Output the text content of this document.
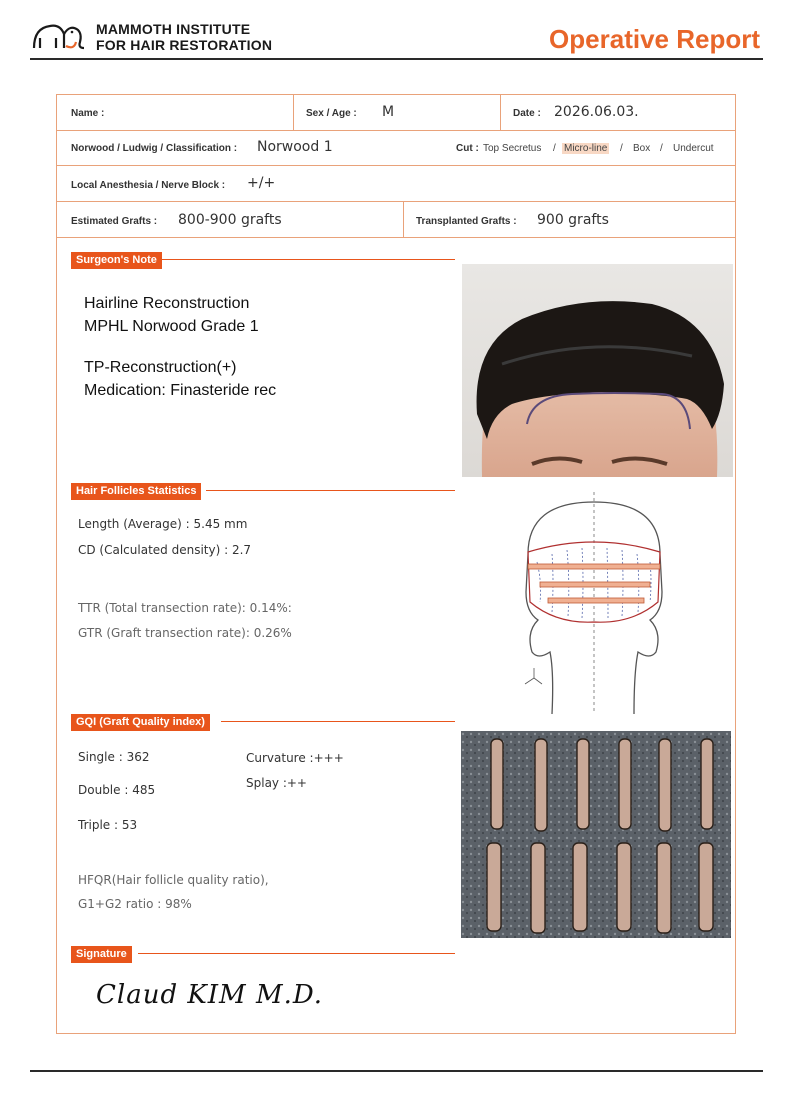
MAMMOTH INSTITUTE
FOR HAIR RESTORATION	Operative Report
Name :	Sex / Age : M	Date : 2026.06.03.
Norwood / Ludwig / Classification : Norwood 1	Cut : Top Secretus / Micro-line / Box / Undercut
Local Anesthesia / Nerve Block : +/+
Estimated Grafts : 800-900 grafts	Transplanted Grafts : 900 grafts
Surgeon's Note
Hairline Reconstruction
MPHL Norwood Grade 1
TP-Reconstruction(+)
Medication: Finasteride rec
Hair Follicles Statistics
Length (Average) : 5.45 mm
CD (Calculated density) : 2.7
TTR (Total transection rate): 0.14%:
GTR (Graft transection rate): 0.26%
GQI (Graft Quality index)
Single : 362
Double : 485
Triple : 53
Curvature :+++
Splay :++
HFQR(Hair follicle quality ratio),
G1+G2 ratio : 98%
Signature
Claud KIM M.D.
